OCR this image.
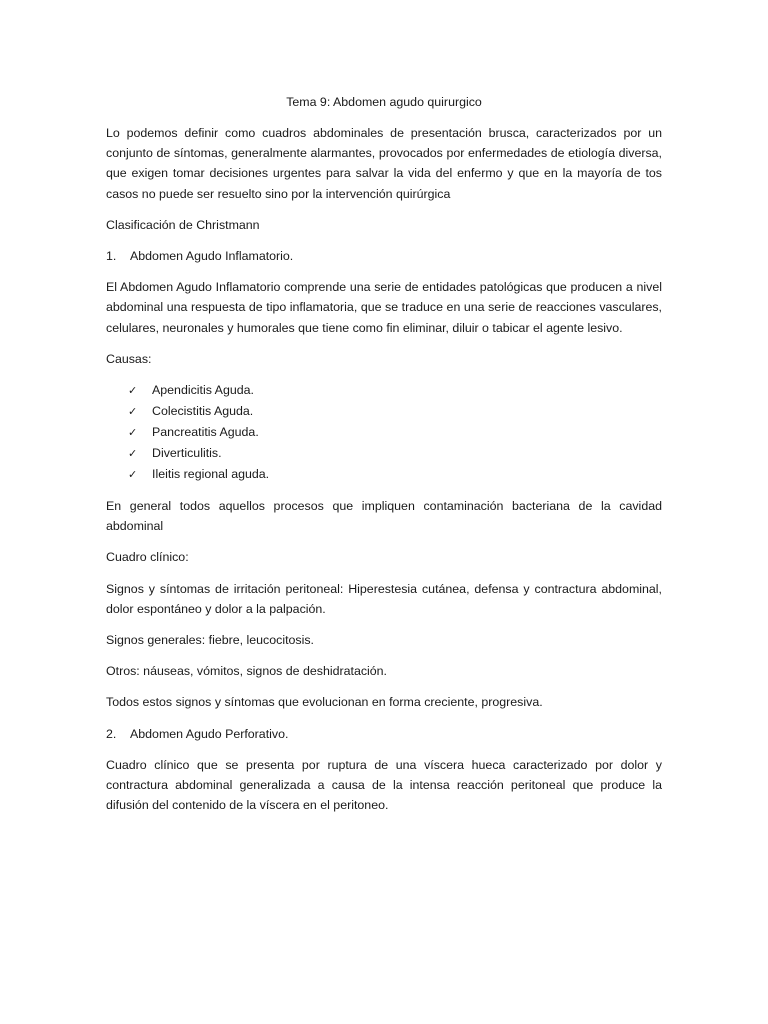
Tema 9: Abdomen agudo quirurgico

Lo podemos definir como cuadros abdominales de presentación brusca, caracterizados por un conjunto de síntomas, generalmente alarmantes, provocados por enfermedades de etiología diversa, que exigen tomar decisiones urgentes para salvar la vida del enfermo y que en la mayoría de tos casos no puede ser resuelto sino por la intervención quirúrgica

Clasificación de Christmann

1.	Abdomen Agudo Inflamatorio.

El Abdomen Agudo Inflamatorio comprende una serie de entidades patológicas que producen a nivel abdominal una respuesta de tipo inflamatoria, que se traduce en una serie de reacciones vasculares, celulares, neuronales y humorales que tiene como fin eliminar, diluir o tabicar el agente lesivo.

Causas:

✓	Apendicitis Aguda.
✓	Colecistitis Aguda.
✓	Pancreatitis Aguda.
✓	Diverticulitis.
✓	Ileitis regional aguda.

En general todos aquellos procesos que impliquen contaminación bacteriana de la cavidad abdominal

Cuadro clínico:

Signos y síntomas de irritación peritoneal: Hiperestesia cutánea, defensa y contractura abdominal, dolor espontáneo y dolor a la palpación.

Signos generales: fiebre, leucocitosis.

Otros: náuseas, vómitos, signos de deshidratación.

Todos estos signos y síntomas que evolucionan en forma creciente, progresiva.

2.	Abdomen Agudo Perforativo.

Cuadro clínico que se presenta por ruptura de una víscera hueca caracterizado por dolor y contractura abdominal generalizada a causa de la intensa reacción peritoneal que produce la difusión del contenido de la víscera en el peritoneo.
